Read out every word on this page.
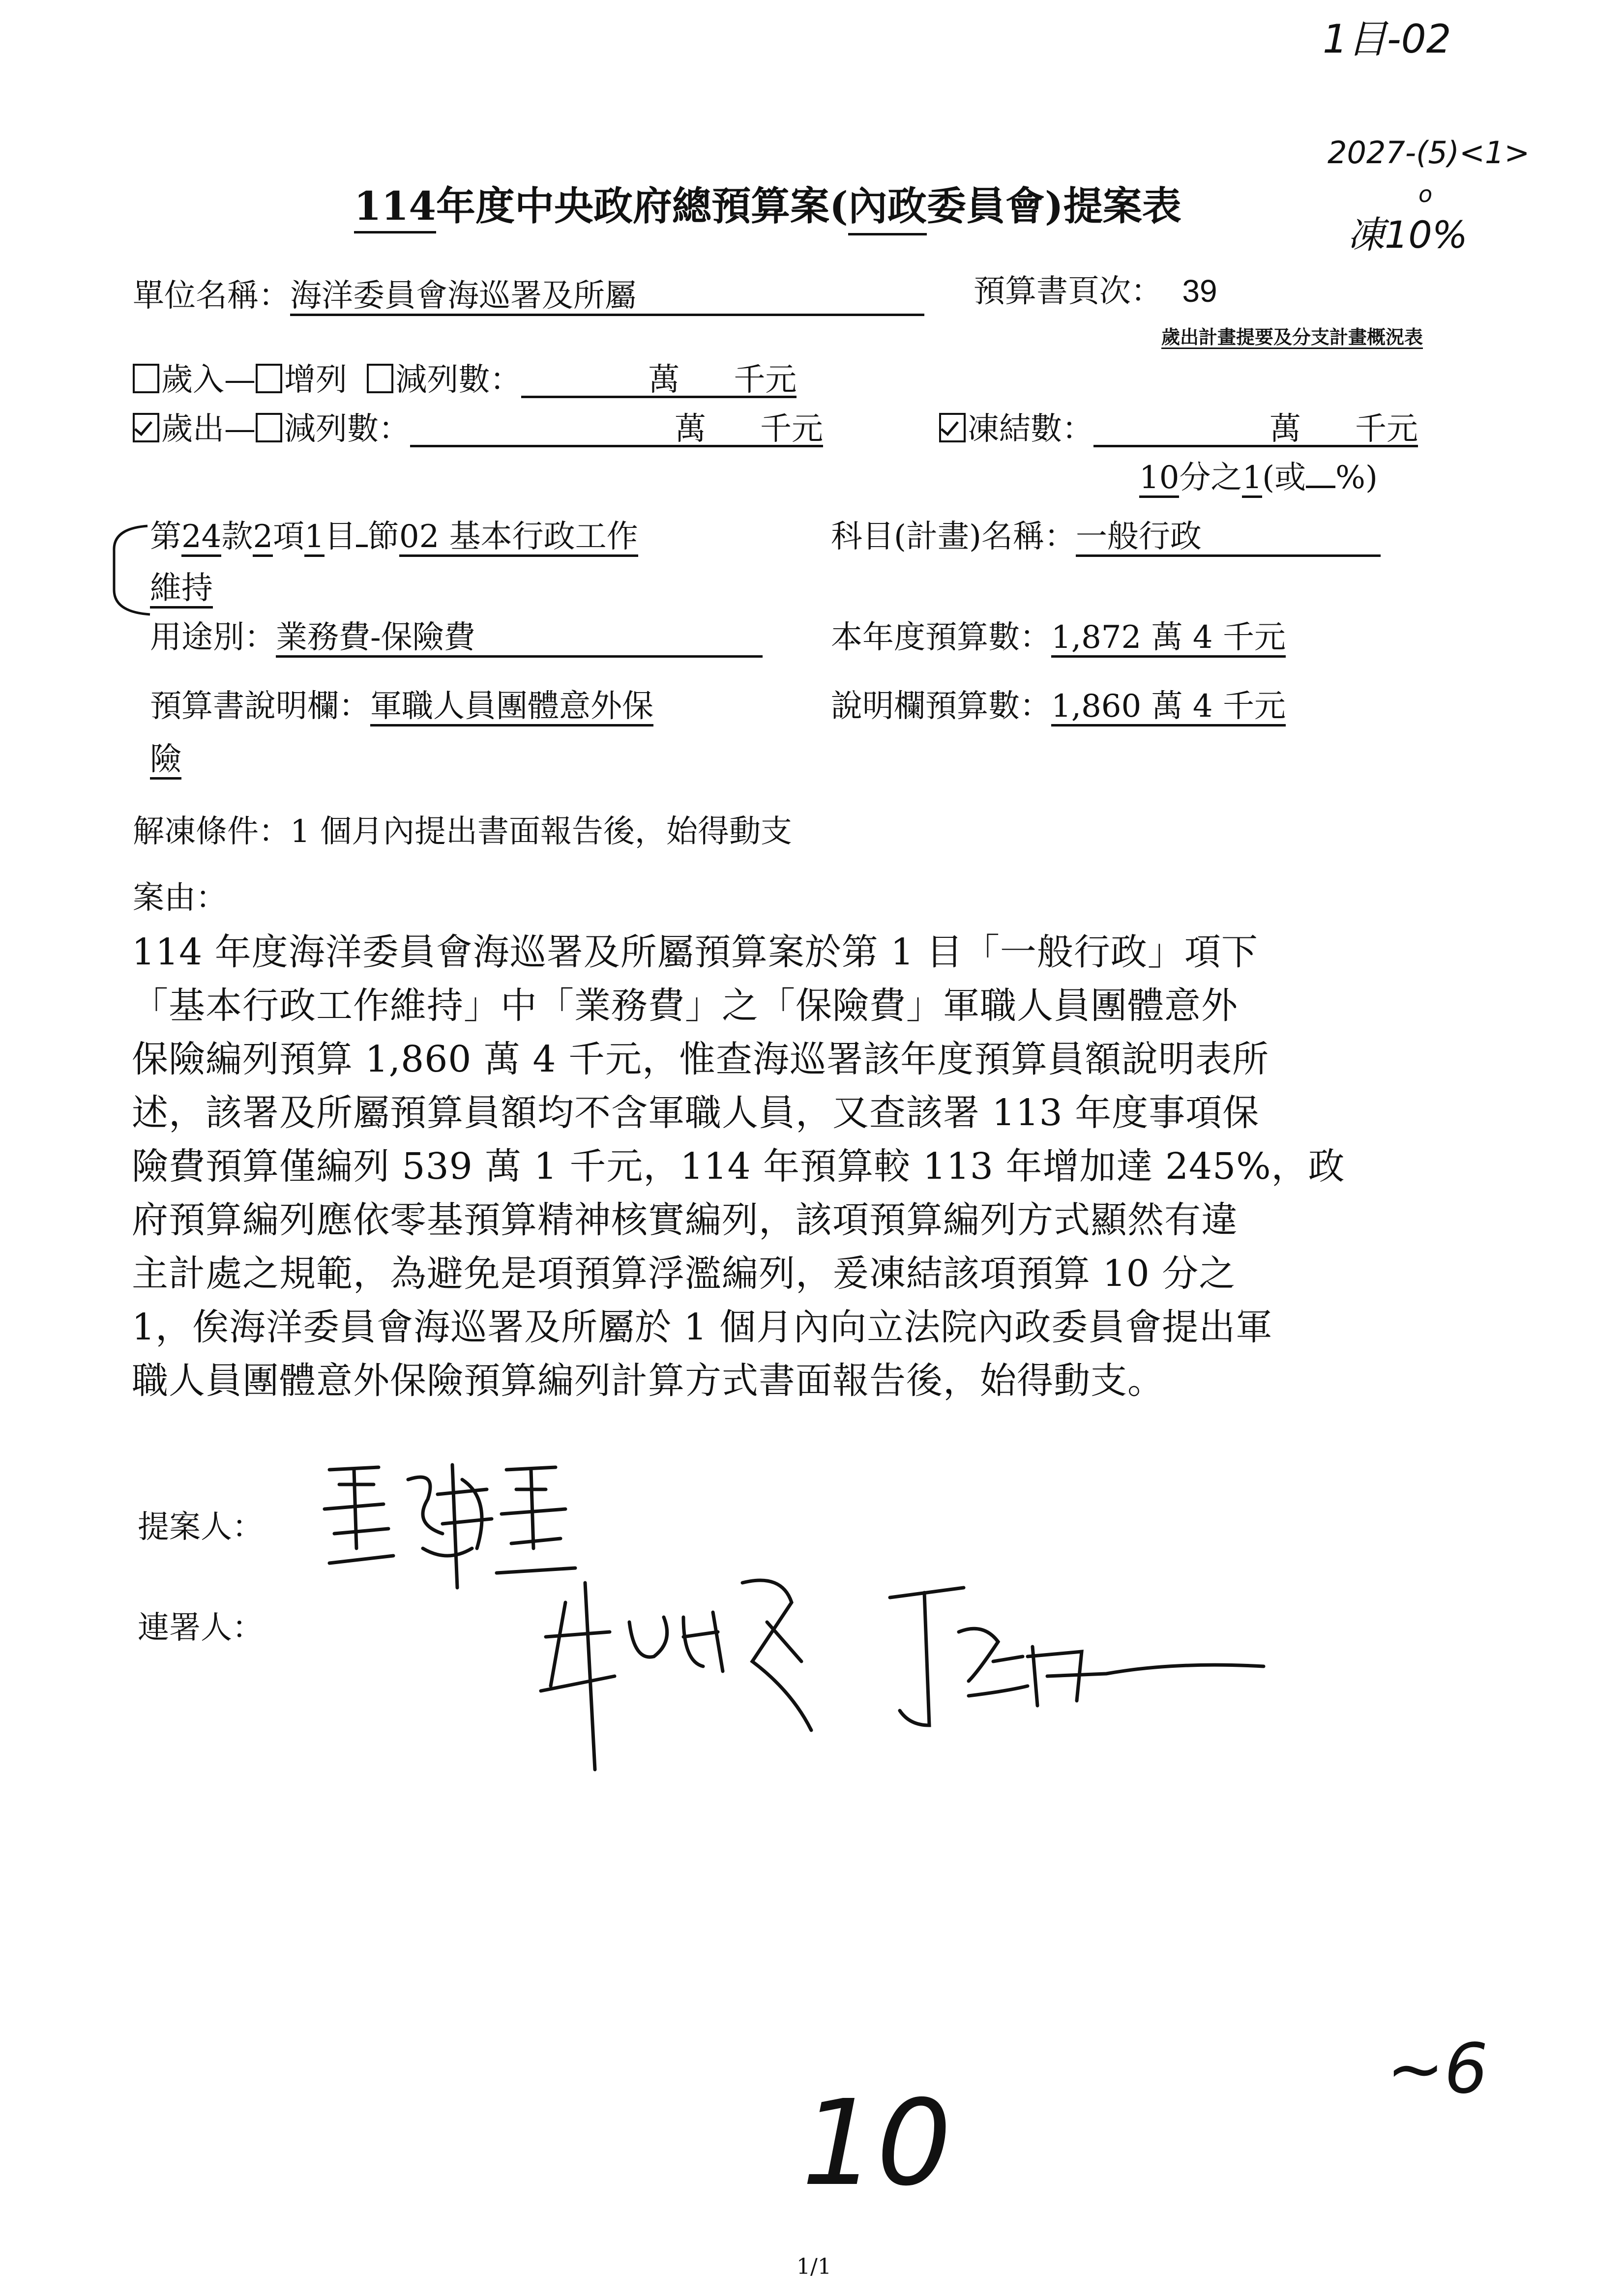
1目-02
2027-(5)<1>
o
凍10%
114年度中央政府總預算案(內政委員會)提案表
單位名稱：海洋委員會海巡署及所屬	預算書頁次： 39
歲出計畫提要及分支計畫概況表
歲入— 增列 減列數：	萬 千元
歲出— 減列數：	萬 千元	凍結數：	萬 千元
10分之1(或 %)
第24款2項1目 節02 基本行政工作
維持
科目(計畫)名稱：一般行政
用途別：業務費-保險費	本年度預算數：1,872 萬 4 千元
預算書說明欄：軍職人員團體意外保
險
說明欄預算數：1,860 萬 4 千元
解凍條件：1 個月內提出書面報告後，始得動支
案由：
114 年度海洋委員會海巡署及所屬預算案於第 1 目「一般行政」項下
「基本行政工作維持」中「業務費」之「保險費」軍職人員團體意外
保險編列預算 1,860 萬 4 千元，惟查海巡署該年度預算員額說明表所
述，該署及所屬預算員額均不含軍職人員，又查該署 113 年度事項保
險費預算僅編列 539 萬 1 千元，114 年預算較 113 年增加達 245%，政
府預算編列應依零基預算精神核實編列，該項預算編列方式顯然有違
主計處之規範，為避免是項預算浮濫編列，爰凍結該項預算 10 分之
1，俟海洋委員會海巡署及所屬於 1 個月內向立法院內政委員會提出軍
職人員團體意外保險預算編列計算方式書面報告後，始得動支。
提案人：
連署人：
10
~6
1/1
